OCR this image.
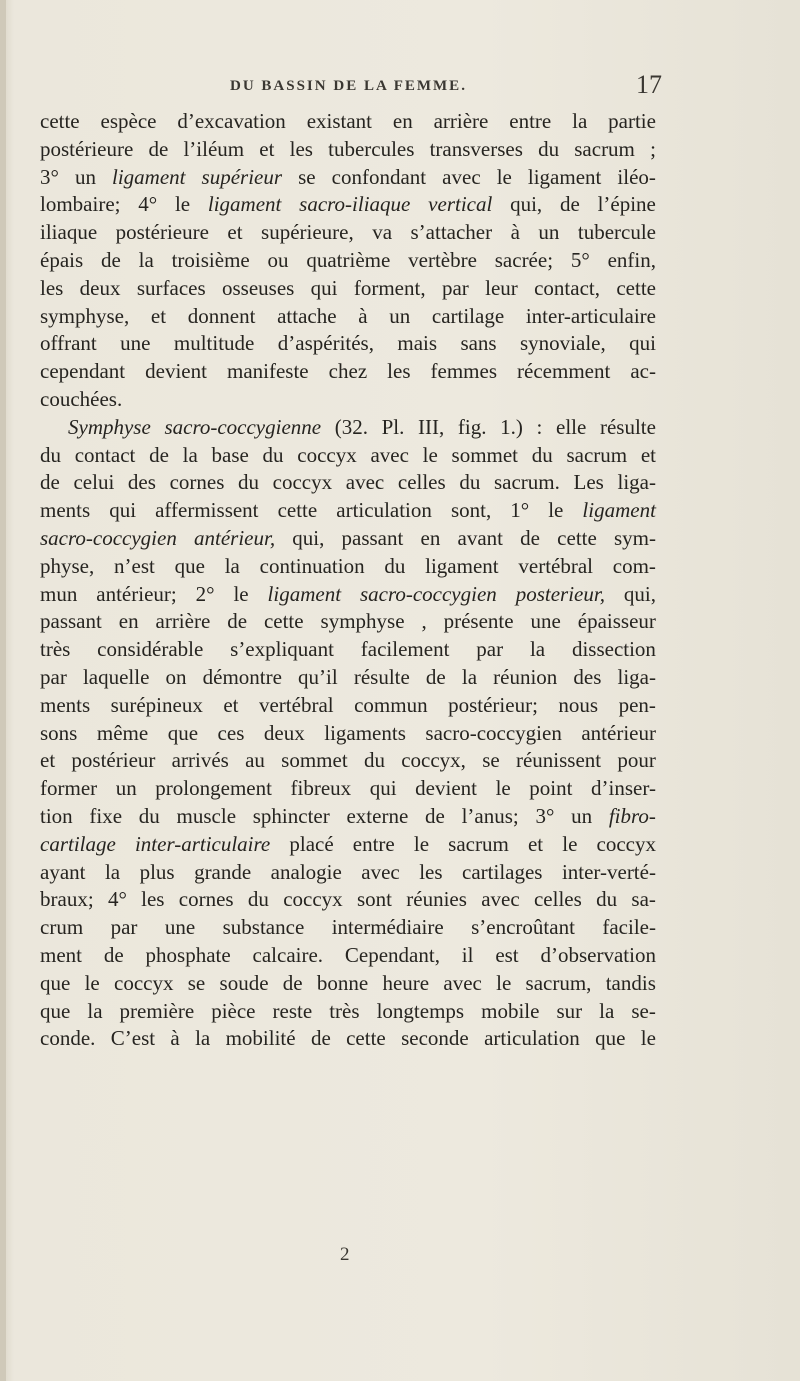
DU BASSIN DE LA FEMME.	17
cette espèce d’excavation existant en arrière entre la partie
postérieure de l’iléum et les tubercules transverses du sacrum ;
3° un ligament supérieur se confondant avec le ligament iléo-
lombaire; 4° le ligament sacro-iliaque vertical qui, de l’épine
iliaque postérieure et supérieure, va s’attacher à un tubercule
épais de la troisième ou quatrième vertèbre sacrée; 5° enfin,
les deux surfaces osseuses qui forment, par leur contact, cette
symphyse, et donnent attache à un cartilage inter-articulaire
offrant une multitude d’aspérités, mais sans synoviale, qui
cependant devient manifeste chez les femmes récemment ac-
couchées.
Symphyse sacro-coccygienne (32. Pl. III, fig. 1.) : elle résulte
du contact de la base du coccyx avec le sommet du sacrum et
de celui des cornes du coccyx avec celles du sacrum. Les liga-
ments qui affermissent cette articulation sont, 1° le ligament
sacro-coccygien antérieur, qui, passant en avant de cette sym-
physe, n’est que la continuation du ligament vertébral com-
mun antérieur; 2° le ligament sacro-coccygien posterieur, qui,
passant en arrière de cette symphyse , présente une épaisseur
très considérable s’expliquant facilement par la dissection
par laquelle on démontre qu’il résulte de la réunion des liga-
ments surépineux et vertébral commun postérieur; nous pen-
sons même que ces deux ligaments sacro-coccygien antérieur
et postérieur arrivés au sommet du coccyx, se réunissent pour
former un prolongement fibreux qui devient le point d’inser-
tion fixe du muscle sphincter externe de l’anus; 3° un fibro-
cartilage inter-articulaire placé entre le sacrum et le coccyx
ayant la plus grande analogie avec les cartilages inter-verté-
braux; 4° les cornes du coccyx sont réunies avec celles du sa-
crum par une substance intermédiaire s’encroûtant facile-
ment de phosphate calcaire. Cependant, il est d’observation
que le coccyx se soude de bonne heure avec le sacrum, tandis
que la première pièce reste très longtemps mobile sur la se-
conde. C’est à la mobilité de cette seconde articulation que le
2
